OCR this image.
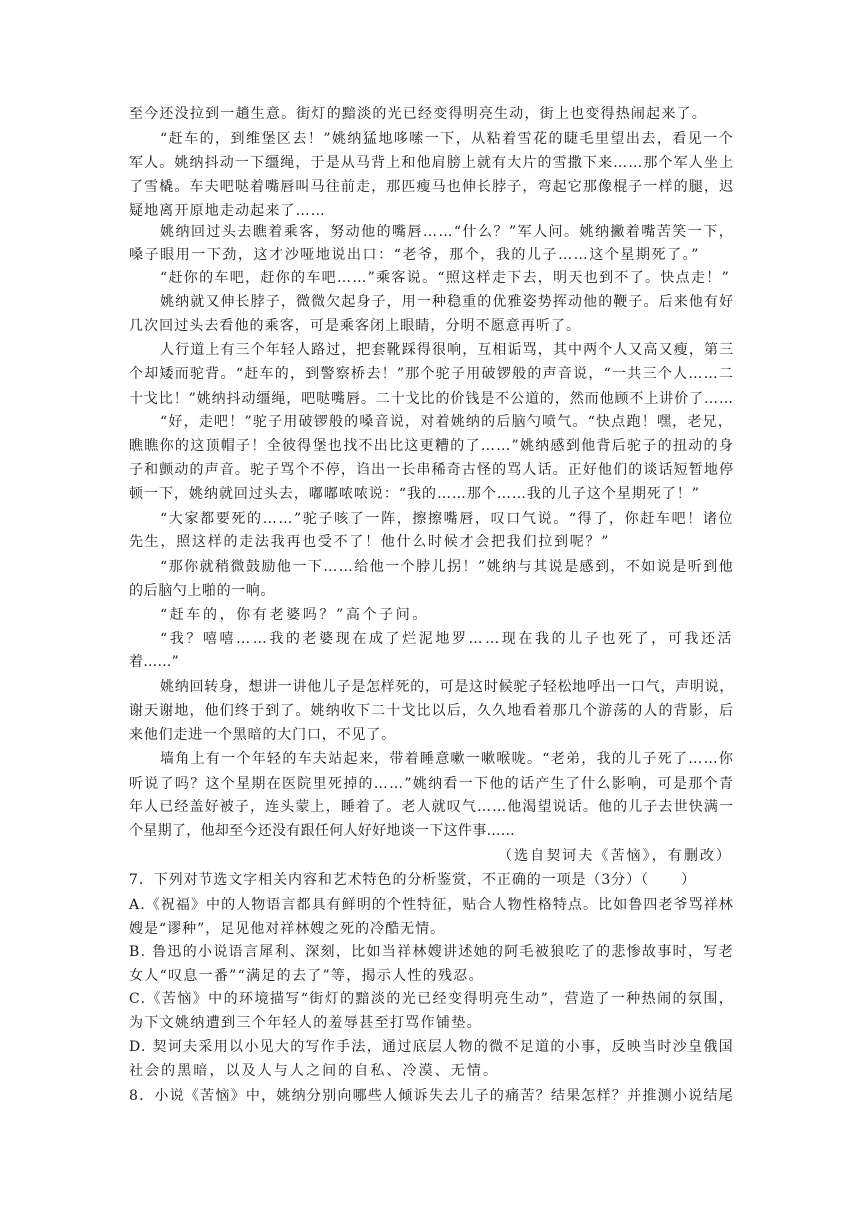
至今还没拉到一趟生意。街灯的黯淡的光已经变得明亮生动，街上也变得热闹起来了。
“赶车的，到维堡区去！”姚纳猛地哆嗦一下，从粘着雪花的睫毛里望出去，看见一个
军人。姚纳抖动一下缰绳，于是从马背上和他肩膀上就有大片的雪撒下来……那个军人坐上
了雪橇。车夫吧哒着嘴唇叫马往前走，那匹瘦马也伸长脖子，弯起它那像棍子一样的腿，迟
疑地离开原地走动起来了……
姚纳回过头去瞧着乘客，努动他的嘴唇……“什么？”军人问。姚纳撇着嘴苦笑一下，
嗓子眼用一下劲，这才沙哑地说出口：“老爷，那个，我的儿子……这个星期死了。”
“赶你的车吧，赶你的车吧……”乘客说。“照这样走下去，明天也到不了。快点走！”
姚纳就又伸长脖子，微微欠起身子，用一种稳重的优雅姿势挥动他的鞭子。后来他有好
几次回过头去看他的乘客，可是乘客闭上眼睛，分明不愿意再听了。
人行道上有三个年轻人路过，把套靴踩得很响，互相诟骂，其中两个人又高又瘦，第三
个却矮而驼背。“赶车的，到警察桥去！”那个驼子用破锣般的声音说，“一共三个人……二
十戈比！”姚纳抖动缰绳，吧哒嘴唇。二十戈比的价钱是不公道的，然而他顾不上讲价了……
“好，走吧！”驼子用破锣般的嗓音说，对着姚纳的后脑勺喷气。“快点跑！嘿，老兄，
瞧瞧你的这顶帽子！全彼得堡也找不出比这更糟的了……”姚纳感到他背后驼子的扭动的身
子和颤动的声音。驼子骂个不停，诌出一长串稀奇古怪的骂人话。正好他们的谈话短暂地停
顿一下，姚纳就回过头去，嘟嘟哝哝说：“我的……那个……我的儿子这个星期死了！”
“大家都要死的……”驼子咳了一阵，擦擦嘴唇，叹口气说。“得了，你赶车吧！诸位
先生，照这样的走法我再也受不了！他什么时候才会把我们拉到呢？”
“那你就稍微鼓励他一下……给他一个脖儿拐！”姚纳与其说是感到，不如说是听到他
的后脑勺上啪的一响。
“赶车的，你有老婆吗？”高个子问。
“我？嘻嘻……我的老婆现在成了烂泥地罗……现在我的儿子也死了，可我还活
着……”
姚纳回转身，想讲一讲他儿子是怎样死的，可是这时候驼子轻松地呼出一口气，声明说，
谢天谢地，他们终于到了。姚纳收下二十戈比以后，久久地看着那几个游荡的人的背影，后
来他们走进一个黑暗的大门口，不见了。
墙角上有一个年轻的车夫站起来，带着睡意嗽一嗽喉咙。“老弟，我的儿子死了……你
听说了吗？这个星期在医院里死掉的……”姚纳看一下他的话产生了什么影响，可是那个青
年人已经盖好被子，连头蒙上，睡着了。老人就叹气……他渴望说话。他的儿子去世快满一
个星期了，他却至今还没有跟任何人好好地谈一下这件事……
（选自契诃夫《苦恼》，有删改）
7．下列对节选文字相关内容和艺术特色的分析鉴赏，不正确的一项是（3分）（      ）
A.《祝福》中的人物语言都具有鲜明的个性特征，贴合人物性格特点。比如鲁四老爷骂祥林
嫂是“谬种”，足见他对祥林嫂之死的冷酷无情。
B. 鲁迅的小说语言犀利、深刻，比如当祥林嫂讲述她的阿毛被狼吃了的悲惨故事时，写老
女人“叹息一番”“满足的去了”等，揭示人性的残忍。
C.《苦恼》中的环境描写“街灯的黯淡的光已经变得明亮生动”，营造了一种热闹的氛围，
为下文姚纳遭到三个年轻人的羞辱甚至打骂作铺垫。
D. 契诃夫采用以小见大的写作手法，通过底层人物的微不足道的小事，反映当时沙皇俄国
社会的黑暗，以及人与人之间的自私、冷漠、无情。
8．小说《苦恼》中，姚纳分别向哪些人倾诉失去儿子的痛苦？结果怎样？并推测小说结尾
